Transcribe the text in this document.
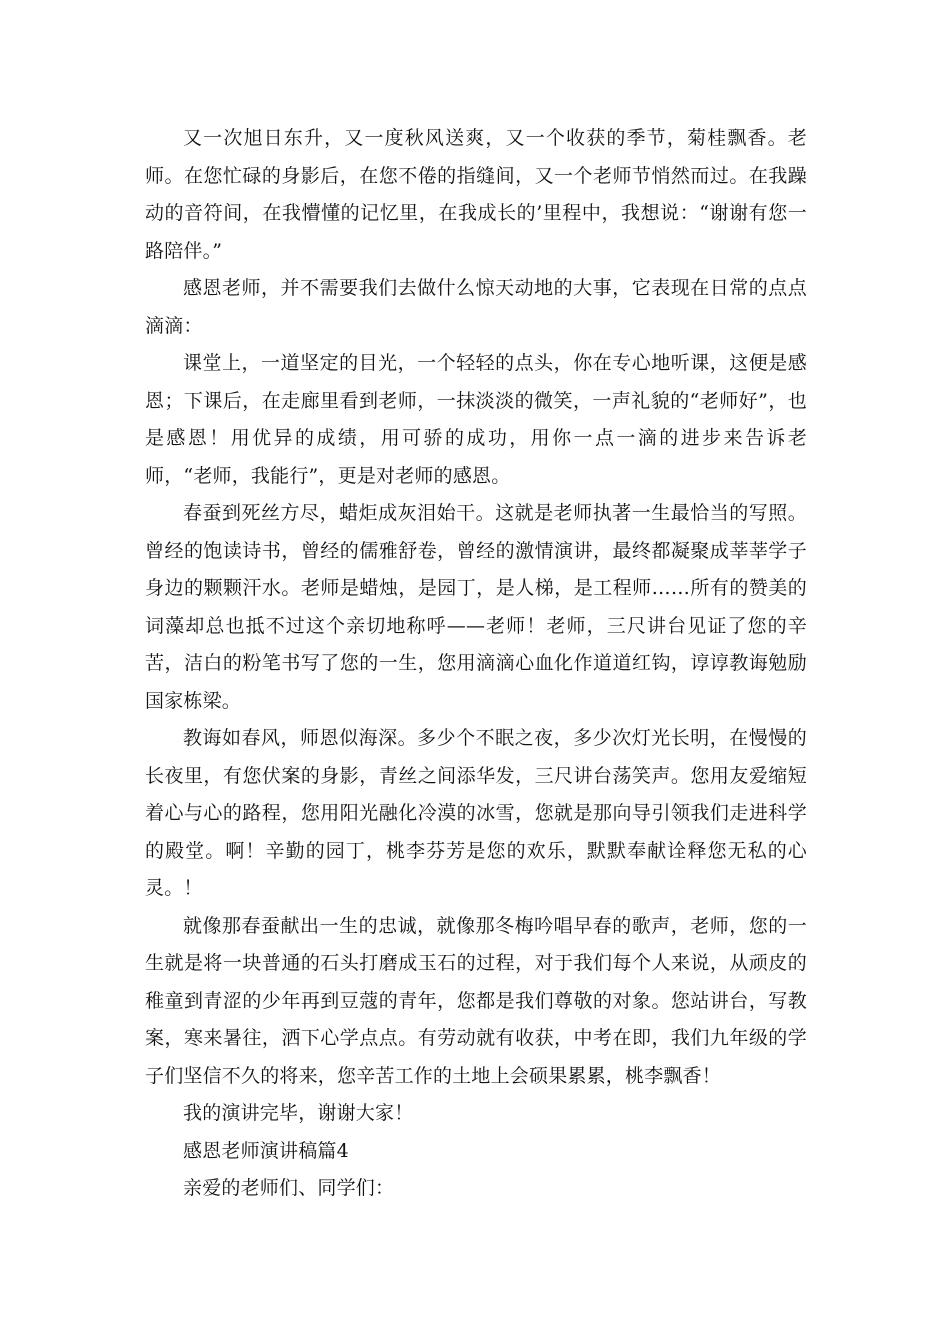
又一次旭日东升，又一度秋风送爽，又一个收获的季节，菊桂飘香。老师。在您忙碌的身影后，在您不倦的指缝间，又一个老师节悄然而过。在我躁动的音符间，在我懵懂的记忆里，在我成长的’里程中，我想说：“谢谢有您一路陪伴。”

感恩老师，并不需要我们去做什么惊天动地的大事，它表现在日常的点点滴滴：

课堂上，一道坚定的目光，一个轻轻的点头，你在专心地听课，这便是感恩；下课后，在走廊里看到老师，一抹淡淡的微笑，一声礼貌的“老师好”，也是感恩！用优异的成绩，用可骄的成功，用你一点一滴的进步来告诉老师，“老师，我能行”，更是对老师的感恩。

春蚕到死丝方尽，蜡炬成灰泪始干。这就是老师执著一生最恰当的写照。曾经的饱读诗书，曾经的儒雅舒卷，曾经的激情演讲，最终都凝聚成莘莘学子身边的颗颗汗水。老师是蜡烛，是园丁，是人梯，是工程师……所有的赞美的词藻却总也抵不过这个亲切地称呼——老师！老师，三尺讲台见证了您的辛苦，洁白的粉笔书写了您的一生，您用滴滴心血化作道道红钩，谆谆教诲勉励国家栋梁。

教诲如春风，师恩似海深。多少个不眠之夜，多少次灯光长明，在慢慢的长夜里，有您伏案的身影，青丝之间添华发，三尺讲台荡笑声。您用友爱缩短着心与心的路程，您用阳光融化冷漠的冰雪，您就是那向导引领我们走进科学的殿堂。啊！辛勤的园丁，桃李芬芳是您的欢乐，默默奉献诠释您无私的心灵。！

就像那春蚕献出一生的忠诚，就像那冬梅吟唱早春的歌声，老师，您的一生就是将一块普通的石头打磨成玉石的过程，对于我们每个人来说，从顽皮的稚童到青涩的少年再到豆蔻的青年，您都是我们尊敬的对象。您站讲台，写教案，寒来暑往，洒下心学点点。有劳动就有收获，中考在即，我们九年级的学子们坚信不久的将来，您辛苦工作的土地上会硕果累累，桃李飘香！

我的演讲完毕，谢谢大家！

感恩老师演讲稿篇4

亲爱的老师们、同学们：
